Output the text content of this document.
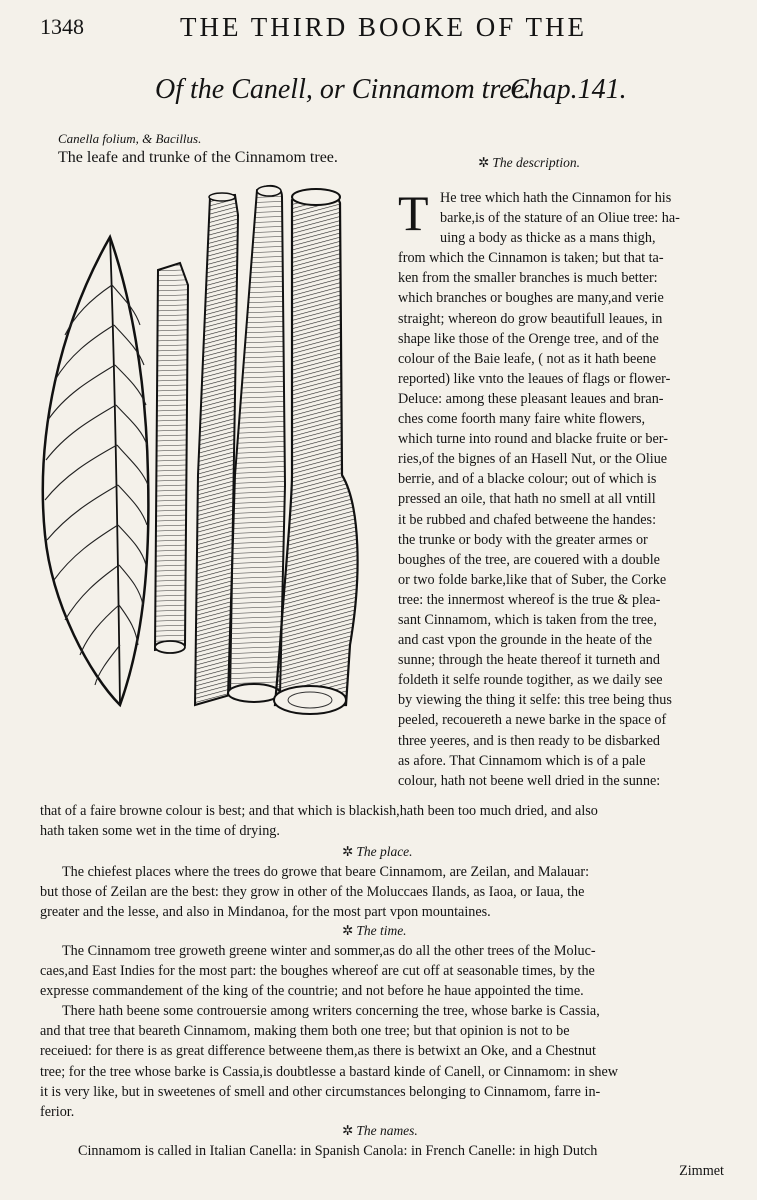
1348	THE THIRD BOOKE OF THE
Of the Canell, or Cinnamom tree.
Chap.141.
Canella folium, & Bacillus.
The leafe and trunke of the Cinnamom tree.	✲ The description.
T He tree which hath the Cinnamon for his
barke,is of the stature of an Oliue tree: ha-
uing a body as thicke as a mans thigh,
from which the Cinnamon is taken; but that ta-
ken from the smaller branches is much better:
which branches or boughes are many,and verie
straight; whereon do grow beautifull leaues, in
shape like those of the Orenge tree, and of the
colour of the Baie leafe, ( not as it hath beene
reported) like vnto the leaues of flags or flower-
Deluce: among these pleasant leaues and bran-
ches come foorth many faire white flowers,
which turne into round and blacke fruite or ber-
ries,of the bignes of an Hasell Nut, or the Oliue
berrie, and of a blacke colour; out of which is
pressed an oile, that hath no smell at all vntill
it be rubbed and chafed betweene the handes:
the trunke or body with the greater armes or
boughes of the tree, are couered with a double
or two folde barke,like that of Suber, the Corke
tree: the innermost whereof is the true & plea-
sant Cinnamom, which is taken from the tree,
and cast vpon the grounde in the heate of the
sunne; through the heate thereof it turneth and
foldeth it selfe rounde togither, as we daily see
by viewing the thing it selfe: this tree being thus
peeled, recouereth a newe barke in the space of
three yeeres, and is then ready to be disbarked
as afore. That Cinnamom which is of a pale
colour, hath not beene well dried in the sunne:
that of a faire browne colour is best; and that which is blackish,hath been too much dried, and also
hath taken some wet in the time of drying.
✲ The place.
The chiefest places where the trees do growe that beare Cinnamom, are Zeilan, and Malauar:
but those of Zeilan are the best: they grow in other of the Moluccaes Ilands, as Iaoa, or Iaua, the
greater and the lesse, and also in Mindanoa, for the most part vpon mountaines.
✲ The time.
The Cinnamom tree groweth greene winter and sommer,as do all the other trees of the Moluc-
caes,and East Indies for the most part: the boughes whereof are cut off at seasonable times, by the
expresse commandement of the king of the countrie; and not before he haue appointed the time.
There hath beene some controuersie among writers concerning the tree, whose barke is Cassia,
and that tree that beareth Cinnamom, making them both one tree; but that opinion is not to be
receiued: for there is as great difference betweene them,as there is betwixt an Oke, and a Chestnut
tree; for the tree whose barke is Cassia,is doubtlesse a bastard kinde of Canell, or Cinnamom: in shew
it is very like, but in sweetenes of smell and other circumstances belonging to Cinnamom, farre in-
ferior.
✲ The names.
Cinnamom is called in Italian Canella: in Spanish Canola: in French Canelle: in high Dutch
Zimmet
